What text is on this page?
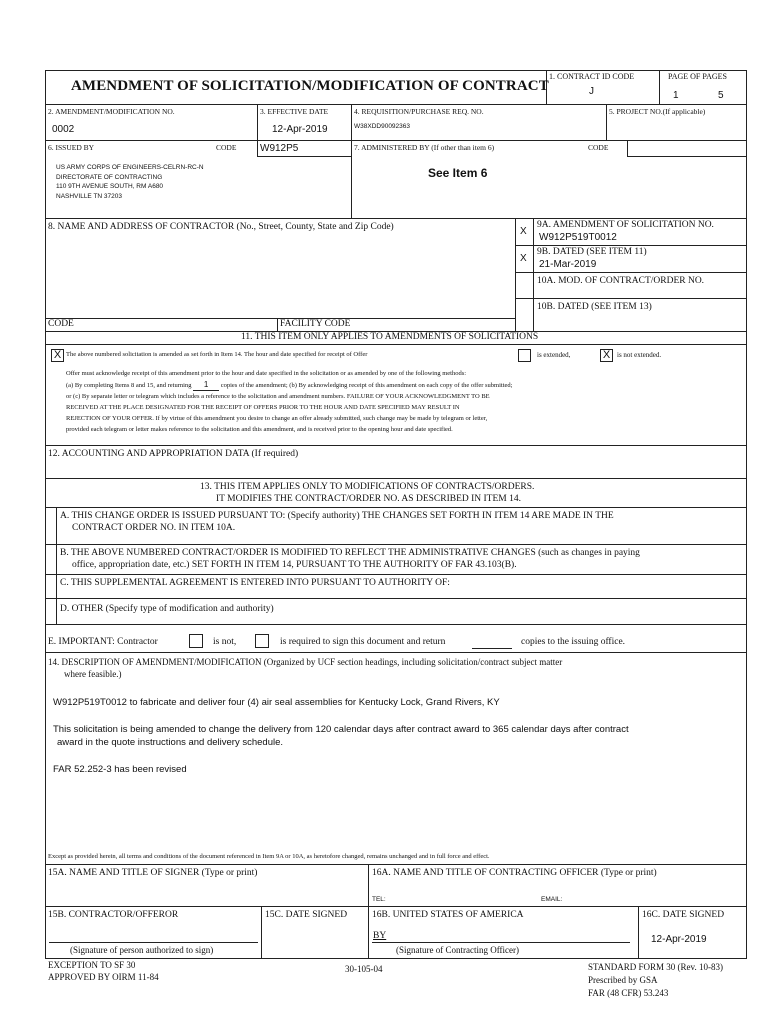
AMENDMENT OF SOLICITATION/MODIFICATION OF CONTRACT
1. CONTRACT ID CODE
J
PAGE OF PAGES
1	5
2. AMENDMENT/MODIFICATION NO.
0002
3. EFFECTIVE DATE
12-Apr-2019
4. REQUISITION/PURCHASE REQ. NO.
W38XDD90092363
5. PROJECT NO.(If applicable)
6. ISSUED BY	CODE W912P5	7. ADMINISTERED BY (If other than item 6)	CODE
US ARMY CORPS OF ENGINEERS-CELRN-RC-N
DIRECTORATE OF CONTRACTING
110 9TH AVENUE SOUTH, RM A680
NASHVILLE TN 37203
See Item 6
8. NAME AND ADDRESS OF CONTRACTOR (No., Street, County, State and Zip Code)
CODE	FACILITY CODE
X
9A. AMENDMENT OF SOLICITATION NO.
W912P519T0012
X
9B. DATED (SEE ITEM 11)
21-Mar-2019
10A. MOD. OF CONTRACT/ORDER NO.
10B. DATED (SEE ITEM 13)
11. THIS ITEM ONLY APPLIES TO AMENDMENTS OF SOLICITATIONS
X The above numbered solicitation is amended as set forth in Item 14. The hour and date specified for receipt of Offer	is extended,	X is not extended.
Offer must acknowledge receipt of this amendment prior to the hour and date specified in the solicitation or as amended by one of the following methods:
(a) By completing Items 8 and 15, and returning 1 copies of the amendment; (b) By acknowledging receipt of this amendment on each copy of the offer submitted;
or (c) By separate letter or telegram which includes a reference to the solicitation and amendment numbers. FAILURE OF YOUR ACKNOWLEDGMENT TO BE
RECEIVED AT THE PLACE DESIGNATED FOR THE RECEIPT OF OFFERS PRIOR TO THE HOUR AND DATE SPECIFIED MAY RESULT IN
REJECTION OF YOUR OFFER. If by virtue of this amendment you desire to change an offer already submitted, such change may be made by telegram or letter,
provided each telegram or letter makes reference to the solicitation and this amendment, and is received prior to the opening hour and date specified.
12. ACCOUNTING AND APPROPRIATION DATA (If required)
13. THIS ITEM APPLIES ONLY TO MODIFICATIONS OF CONTRACTS/ORDERS.
IT MODIFIES THE CONTRACT/ORDER NO. AS DESCRIBED IN ITEM 14.
A. THIS CHANGE ORDER IS ISSUED PURSUANT TO: (Specify authority) THE CHANGES SET FORTH IN ITEM 14 ARE MADE IN THE
CONTRACT ORDER NO. IN ITEM 10A.
B. THE ABOVE NUMBERED CONTRACT/ORDER IS MODIFIED TO REFLECT THE ADMINISTRATIVE CHANGES (such as changes in paying
office, appropriation date, etc.) SET FORTH IN ITEM 14, PURSUANT TO THE AUTHORITY OF FAR 43.103(B).
C. THIS SUPPLEMENTAL AGREEMENT IS ENTERED INTO PURSUANT TO AUTHORITY OF:
D. OTHER (Specify type of modification and authority)
E. IMPORTANT: Contractor	is not,	is required to sign this document and return	copies to the issuing office.
14. DESCRIPTION OF AMENDMENT/MODIFICATION (Organized by UCF section headings, including solicitation/contract subject matter
where feasible.)
W912P519T0012 to fabricate and deliver four (4) air seal assemblies for Kentucky Lock, Grand Rivers, KY
This solicitation is being amended to change the delivery from 120 calendar days after contract award to 365 calendar days after contract
award in the quote instructions and delivery schedule.
FAR 52.252-3 has been revised
Except as provided herein, all terms and conditions of the document referenced in Item 9A or 10A, as heretofore changed, remains unchanged and in full force and effect.
15A. NAME AND TITLE OF SIGNER (Type or print)	16A. NAME AND TITLE OF CONTRACTING OFFICER (Type or print)
TEL:	EMAIL:
15B. CONTRACTOR/OFFEROR	15C. DATE SIGNED	16B. UNITED STATES OF AMERICA	16C. DATE SIGNED
BY	12-Apr-2019
(Signature of person authorized to sign)	(Signature of Contracting Officer)
EXCEPTION TO SF 30
APPROVED BY OIRM 11-84
30-105-04	STANDARD FORM 30 (Rev. 10-83)
Prescribed by GSA
FAR (48 CFR) 53.243
